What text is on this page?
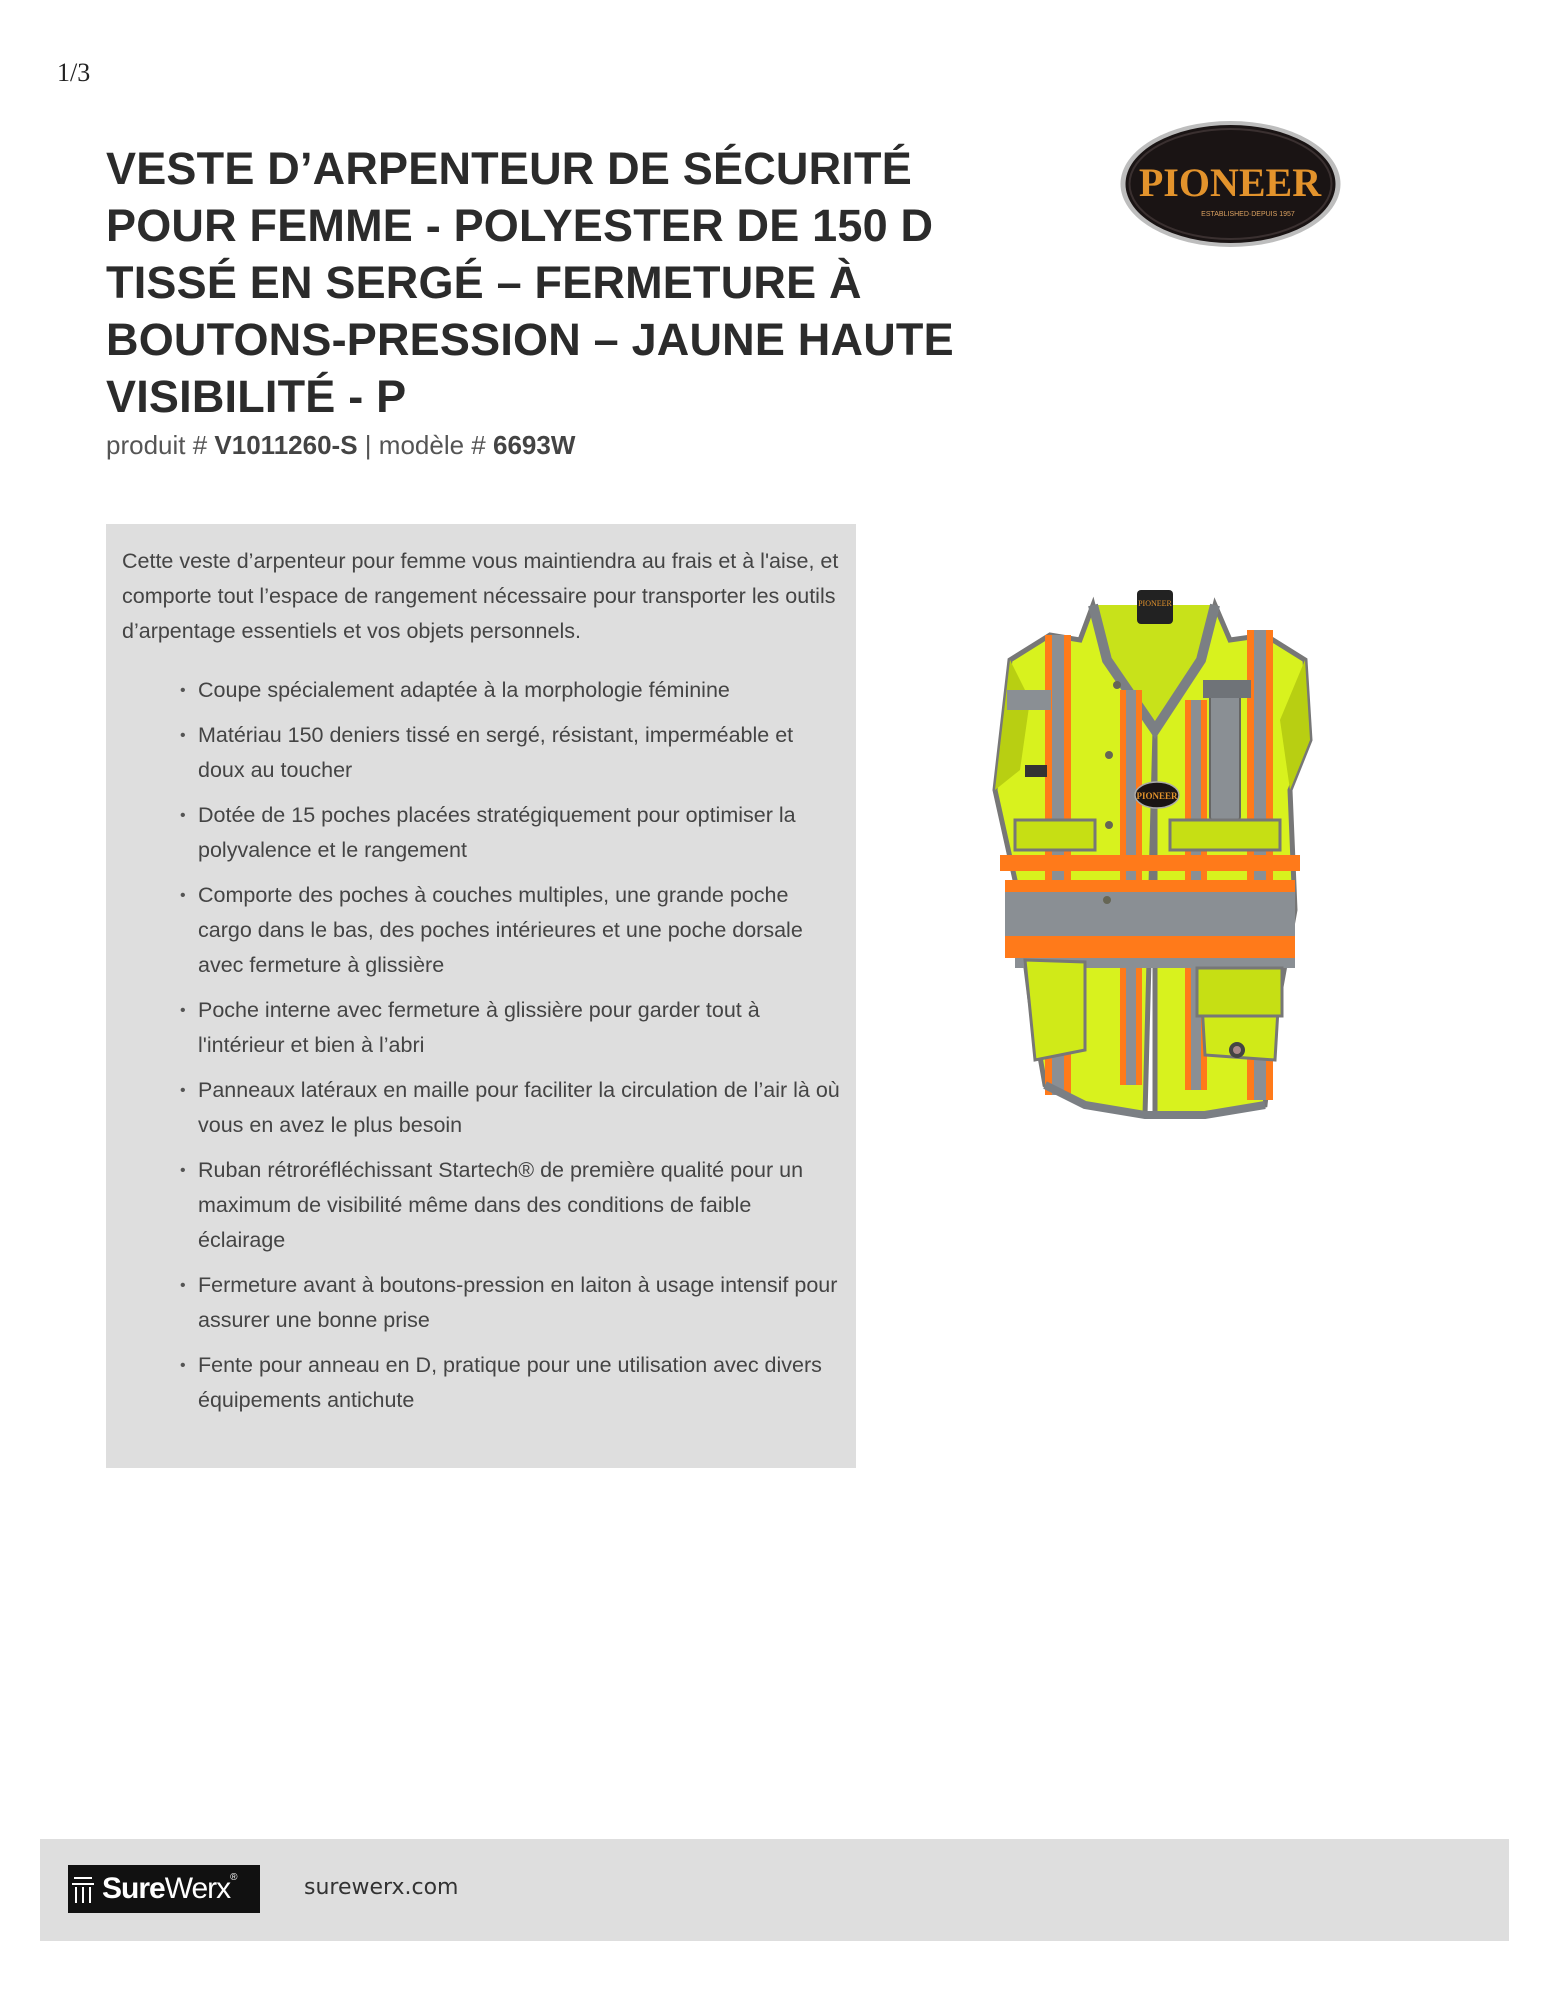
1/3
VESTE D’ARPENTEUR DE SÉCURITÉ POUR FEMME - POLYESTER DE 150 D TISSÉ EN SERGÉ – FERMETURE À BOUTONS-PRESSION – JAUNE HAUTE VISIBILITÉ - P
produit # V1011260-S | modèle # 6693W
PIONEER
ESTABLISHED·DEPUIS 1957

Cette veste d’arpenteur pour femme vous maintiendra au frais et à l'aise, et comporte tout l’espace de rangement nécessaire pour transporter les outils d’arpentage essentiels et vos objets personnels.

• Coupe spécialement adaptée à la morphologie féminine
• Matériau 150 deniers tissé en sergé, résistant, imperméable et doux au toucher
• Dotée de 15 poches placées stratégiquement pour optimiser la polyvalence et le rangement
• Comporte des poches à couches multiples, une grande poche cargo dans le bas, des poches intérieures et une poche dorsale avec fermeture à glissière
• Poche interne avec fermeture à glissière pour garder tout à l'intérieur et bien à l’abri
• Panneaux latéraux en maille pour faciliter la circulation de l’air là où vous en avez le plus besoin
• Ruban rétroréfléchissant Startech® de première qualité pour un maximum de visibilité même dans des conditions de faible éclairage
• Fermeture avant à boutons-pression en laiton à usage intensif pour assurer une bonne prise
• Fente pour anneau en D, pratique pour une utilisation avec divers équipements antichute
PIONEER
PIONEER
SureWerx®	surewerx.com
